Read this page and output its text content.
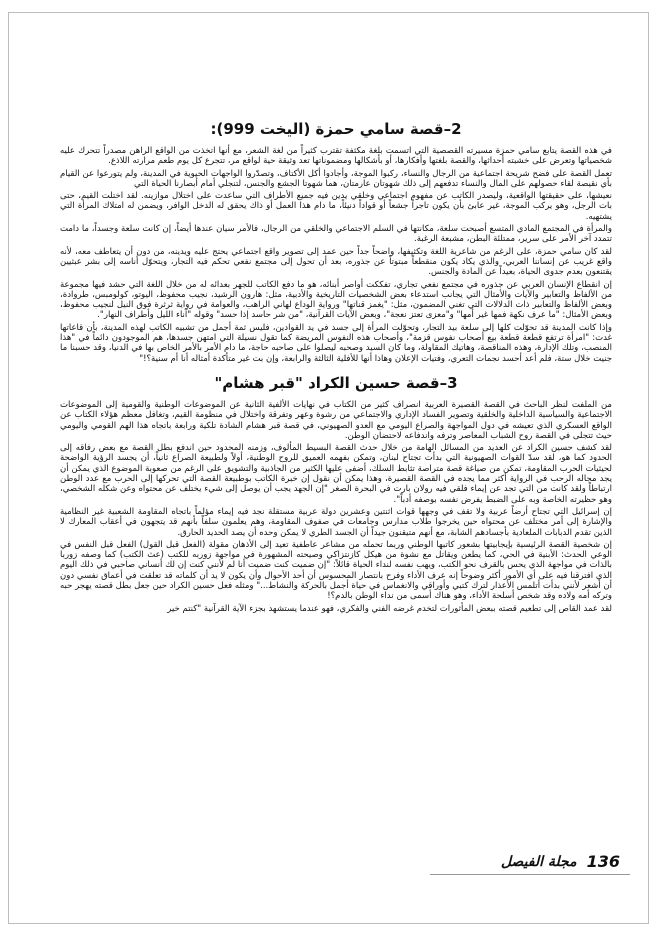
2–قصة سامي حمزة (اليخت 999):

في هذه القصة يتابع سامي حمزة مسيرته القصصية التي اتسمت بلغة مكثفة تقترب كثيراً من لغة الشعر، مع أنها اتخذت من الواقع الراهن مصدراً تتحرك عليه شخصياتها وتعرض على خشبته أحداثها، والقصة بلغتها وأفكارها، أو بأشكالها ومضموناتها تعد وثيقة حية لواقع مر، تتجرع كل يوم طعم مرارته اللاذع.

تعمل القصة على فضح شريحة اجتماعية من الرجال والنساء، ركبوا الموجة، وأجادوا أكل الأكتاف، وتصدّروا الواجهات الحيوية في المدينة، ولم يتورعوا عن القيام بأي نقيصة لقاء حصولهم على المال والنساء تدفعهم إلى ذلك شهوتان عارمتان، هما شهوتا الجشع والجنس، لتنجلي أمام أبصارنا الحياة التي

نعيشها، على حقيقتها الواقعية، وليصدر الكاتب عن مفهوم اجتماعي وخلقي يدين فيه جميع الأطراف التي ساعدت على اختلال موازينه. لقد اختلت القيم، حتى بات الرجل، وهو يركب الموجة، غير عابئ بأن يكون تاجراً جشعاً أو قواداً دنيئاً، ما دام هذا العمل أو ذاك يحقق له الدخل الوافر، ويضمن له امتلاك المرأة التي يشتهيه.

والمرأة في المجتمع المادي المتسع أصبحت سلعة، مكانتها في السلم الاجتماعي والخلقي من الرجال، فالأمر سيان عندها أيضاً، إن كانت سلعة وجسداً، ما دامت تتمدد آخر الأمر على سرير، ممتلئة البطن، مشبعة الرغبة.

لقد كان سامي حمزة، على الرغم من شاعرية اللغة وتكثيفها، واضحاً جداً حين عمد إلى تصوير واقع اجتماعي يحتج عليه ويدينه، من دون أن يتعاطف معه، لأنه واقع غريب عن إنساننا العربي، والذي يكاد يكون منقطعاً مبتوتاً عن جذوره، بعد أن تحول إلى مجتمع نفعي تحكم فيه التجار، ويتحوّل أناسه إلى بشر عبثيين يقتنعون بعدم جدوى الحياة، بعيداً عن المادة والجنس.

إن انقطاع الإنسان العربي عن جذوره في مجتمع نفعي تجاري، تفككت أواصر أبنائه، هو ما دفع الكاتب للجهر بعدائه له من خلال اللغة التي حشد فيها مجموعة من الألفاظ والتعابير والآيات والأمثال التي يجانب استدعاء بعض الشخصيات التاريخية والأدبية، مثل: هارون الرشيد، نجيب محفوظ، اليوتو، كولومبس، طروادة، وبعض الألفاظ والتعابير ذات الدلالات التي تغني المضمون، مثل: "يغمز قناتها" ورواية الوداع لهاني الراهب، والعوامة في رواية ثرثرة فوق النيل لنجيب محفوظ، وبعض الأمثال: "ما عرف نكهة فمها غير أمها" و"معزى تعتز نعجة"، وبعض الآيات القرآنية، "من شر حاسد إذا حسد" وقوله "آناء الليل وأطراف النهار".

وإذا كانت المدينة قد تحوّلت كلها إلى سلعة بيد التجار، وتحوّلت المرأة إلى جسد في يد القوادين، فليس ثمة أجمل من تشبيه الكاتب لهذه المدينة، بأن قاعاتها غدت: "امرأة ترتفع قطعة قطعة بيع أصحاب نفوس قزمة"، وأصحاب هذه النفوس المريضة كما تقول نسيلة التي امتهن جسدها، هم الموجودون دائماً في "هذا المنصب، وتلك الإدارة، وهذه المناقصة، وهاتيك المقاولة، وما كان السيد وصحبه ليصلوا على صاحبه حاجة، ما دام الأمر بالأمر الخاص بها في الدنيا، وقد حسبنا ما جنيت خلال ستة، فلم أعد أحسد نجمات التعري، وفتيات الإعلان وهاذا أنها للأفلية الثالثة والرابعة، وإن بت غير متأكدة أمثاله أنا أم سنية؟!"

3–قصة حسين الكراد "قبر هشام"

من الملفت لنظر الباحث في القصة القصيرة العربية انصراف كثير من الكتاب في نهايات الألفية الثانية عن الموضوعات الوطنية والقومية إلى الموضوعات الاجتماعية والسياسية الداخلية والخلقية وتصوير الفساد الإداري والاجتماعي من رشوة وعهر وتفرقة واختلال في منظومة القيم، وتغافل معظم هؤلاء الكتاب عن الواقع العسكري الذي تعيشه في دول المواجهة والصراع اليومي مع العدو الصهيوني، في قصة قبر هشام الشادة تلكية ورابعة باتجاه هذا الهم القومي واليومي حيث تتجلى في القصة روح الشباب المعاصر وترفه واندفاعه لاحتضان الوطن.

لقد كشف حسين الكراد عن العديد من المسائل الهامة من خلال حدث القصة البسيط المألوف، وزمنه المحدود حين اندفع بطل القصة مع بعض رفاقه إلى الحدود كما هو، لقد سدّ القوات الصهيونية التي بدأت تجتاح لبنان، وتمكن بفهمه العميق للروح الوطنية، أولاً ولطبيعة الصراع ثانياً، أن يجسد الرؤية الواضحة لحيثيات الحرب المقاومة، تمكن من صياغة قصة متراصة تثابط السلك، أضفى عليها الكثير من الجاذبية والتشويق على الرغم من صعوبة الموضوع الذي يمكن أن يجد مجاله الرحب في الرواية أكثر مما يجده في القصة القصيرة، وهذا يمكن أن نقول إن خبرة الكاتب بوطبيعة القصة التي تحركها إلى الحرب مع عدد الوطن ارتباطاً ولقد كانت من التي تجد عن إيماء فلقي فيه رولان بارت في البحرة الصغر "إن الجهد يجب أن يوصل إلى شيء يختلف عن محتواه وعن شكله الشخصي، وهو حظيرته الخاصة وبه على الضبط يفرض نفسه بوصفه أدباً".

إن إسرائيل التي تجتاح أرضاً عربية ولا تقف في وجهها قوات اثنتين وعشرين دولة عربية مستقلة نجد فيه إيماء مؤلماً باتجاه المقاومة الشعبية غير النظامية والإشارة إلى أمر مختلف عن محتواه حين يخرجوا طلاب مدارس وجامعات في صفوف المقاومة، وهم يعلمون سلفاً بأنهم قد يتجهون في أعقاب المعارك لا الذين تقدم الدبابات الملعادية بأجسادهم الشابة، مع أنهم متيقنون جيداً أن الجسد الطري لا يمكن وحده أن يصد الحديد الحارق.

إن شخصية القصة الرئيسية بإيجابيتها بشعور كاتبها الوطني وربما تحمله من مشاعر عاطفية تعيد إلى الأذهان مقولة (الفعل قبل القول) الفعل قبل النفس في الوعي الحدث: الأبنية في الحي، كما يطعن ويقاتل مع نشوة من هيكل كازنتزاكي وصيحته المشهورة في مواجهة زوربه للكتب (عث الكتب) كما وصفه زوربا بالذات في مواجهة الذي يحس بالقرف نحو الكتب، ويهب نفسه لنداء الحياة قائلاً: "إن ضميت كنت ضميت أنا لم لأنني كنت إن لك أنساني صاحبي في ذلك اليوم الذي افترقنا فيه على أي الأمور أكثر وضوحاً إنه عرف الأداء وفرح بانتصار المحسوس أن أحد الأحوال وأن يكون لا يد أن كلماته قد تعلقت في أعماق نفسي دون أن أشعر لأنني بدأت أتلمس الأعذار لترك كتبي وأوراقي والانغماس في حياة أجمل بالحركة والنشاط..." ومثله فعل حسين الكراد حين جعل بطل قصته يهجر حبه وتركه أمه ولاده وقد شخص أسلحة الأداء، وهو هناك أسمى من نداء الوطن بالدم؟!

لقد عمد القاص إلى تطعيم قصته ببعض المأثورات لتخدم غرضه الفني والفكري، فهو عندما يستشهد بجزء الآية القرآنية "كنتم خير

136
مجلة الفيصل
